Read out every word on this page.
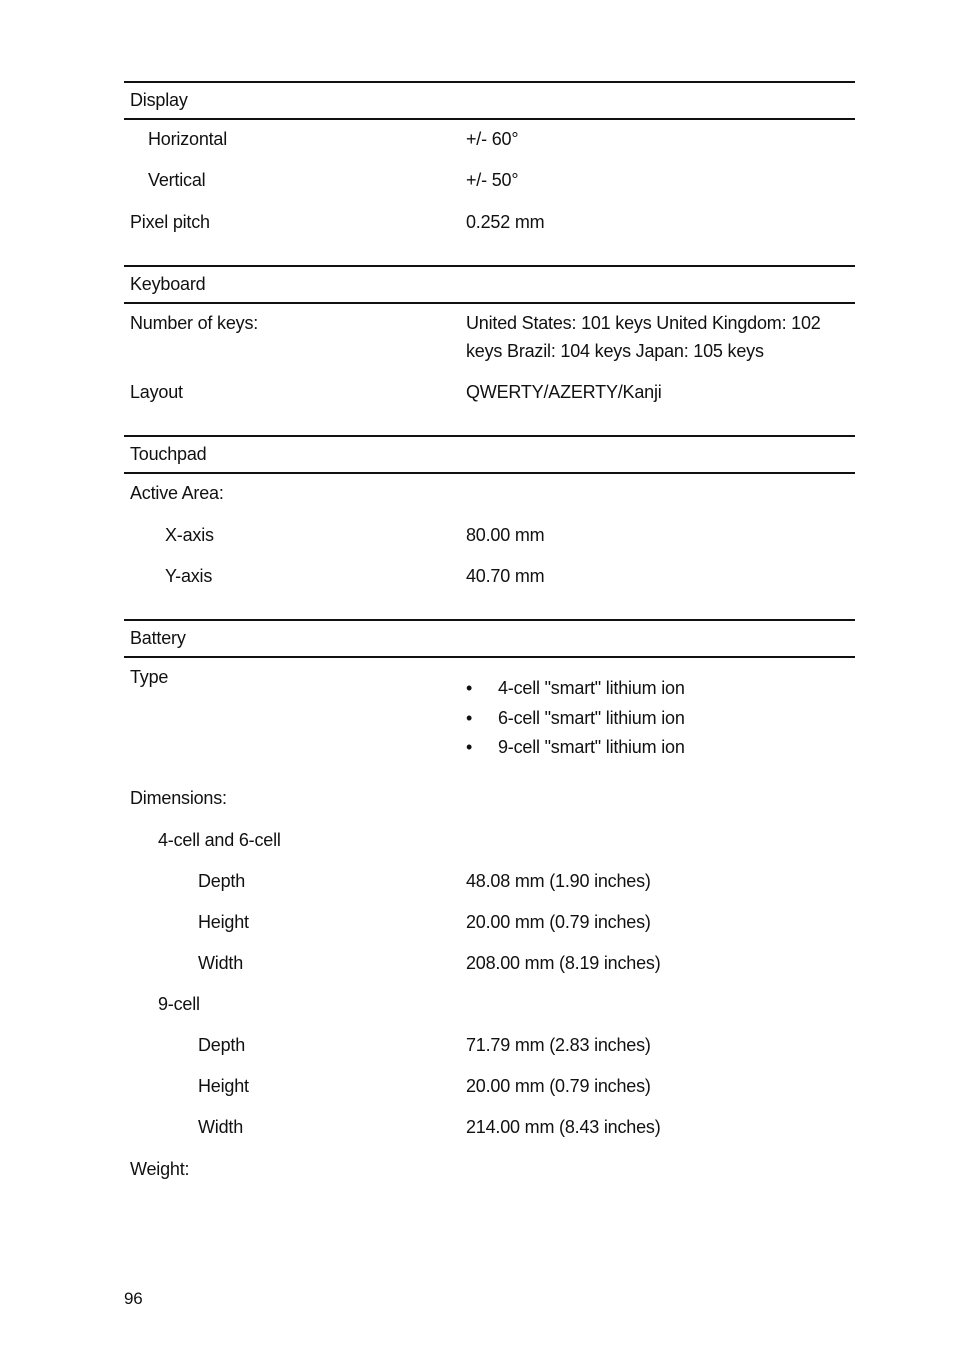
Display
Horizontal	+/- 60°
Vertical	+/- 50°
Pixel pitch	0.252 mm
Keyboard
Number of keys:	United States: 101 keys United Kingdom: 102 keys Brazil: 104 keys Japan: 105 keys
Layout	QWERTY/AZERTY/Kanji
Touchpad
Active Area:
X-axis	80.00 mm
Y-axis	40.70 mm
Battery
Type
• 4-cell "smart" lithium ion
• 6-cell "smart" lithium ion
• 9-cell "smart" lithium ion
Dimensions:
4-cell and 6-cell
Depth	48.08 mm (1.90 inches)
Height	20.00 mm (0.79 inches)
Width	208.00 mm (8.19 inches)
9-cell
Depth	71.79 mm (2.83 inches)
Height	20.00 mm (0.79 inches)
Width	214.00 mm (8.43 inches)
Weight:
96
